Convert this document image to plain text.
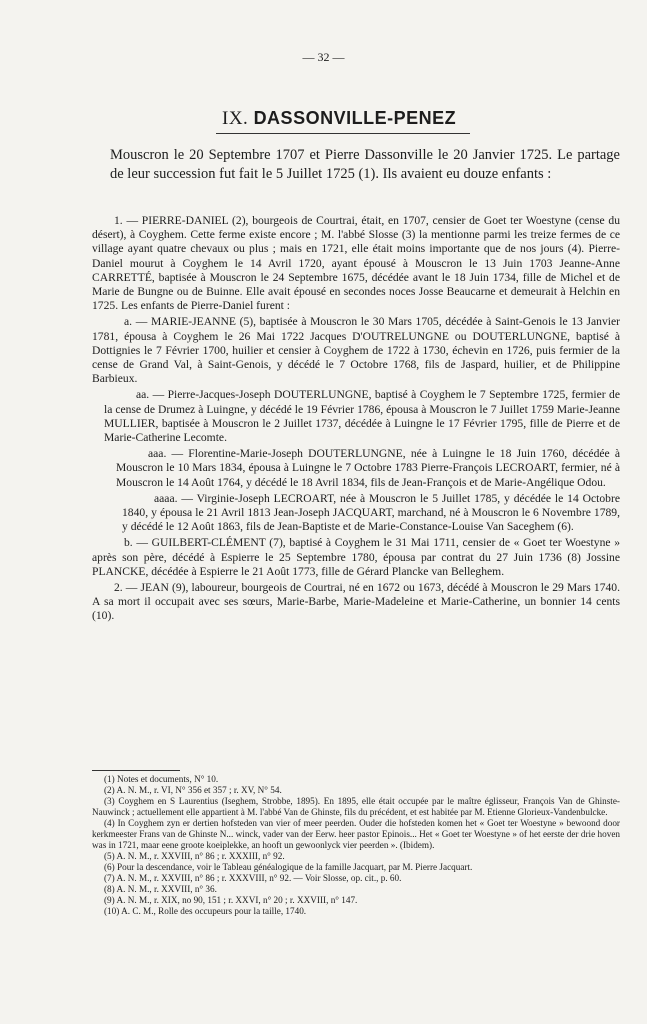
— 32 —
IX. DASSONVILLE-PENEZ

Mouscron le 20 Septembre 1707 et Pierre Dassonville le 20 Janvier 1725. Le partage de leur succession fut fait le 5 Juillet 1725 (1). Ils avaient eu douze enfants :

1. — PIERRE-DANIEL (2), bourgeois de Courtrai, était, en 1707, censier de Goet ter Woestyne (cense du désert), à Coyghem. Cette ferme existe encore ; M. l'abbé Slosse (3) la mentionne parmi les treize fermes de ce village ayant quatre chevaux ou plus ; mais en 1721, elle était moins importante que de nos jours (4). Pierre-Daniel mourut à Coyghem le 14 Avril 1720, ayant épousé à Mouscron le 13 Juin 1703 Jeanne-Anne CARRETTÉ, baptisée à Mouscron le 24 Septembre 1675, décédée avant le 18 Juin 1734, fille de Michel et de Marie de Bungne ou de Buinne. Elle avait épousé en secondes noces Josse Beaucarne et demeurait à Helchin en 1725. Les enfants de Pierre-Daniel furent :

a. — MARIE-JEANNE (5), baptisée à Mouscron le 30 Mars 1705, décédée à Saint-Genois le 13 Janvier 1781, épousa à Coyghem le 26 Mai 1722 Jacques D'OUTRELUNGNE ou DOUTERLUNGNE, baptisé à Dottignies le 7 Février 1700, huilier et censier à Coyghem de 1722 à 1730, échevin en 1726, puis fermier de la cense de Grand Val, à Saint-Genois, y décédé le 7 Octobre 1768, fils de Jaspard, huilier, et de Philippine Barbieux.

aa. — Pierre-Jacques-Joseph DOUTERLUNGNE, baptisé à Coyghem le 7 Septembre 1725, fermier de la cense de Drumez à Luingne, y décédé le 19 Février 1786, épousa à Mouscron le 7 Juillet 1759 Marie-Jeanne MULLIER, baptisée à Mouscron le 2 Juillet 1737, décédée à Luingne le 17 Février 1795, fille de Pierre et de Marie-Catherine Lecomte.

aaa. — Florentine-Marie-Joseph DOUTERLUNGNE, née à Luingne le 18 Juin 1760, décédée à Mouscron le 10 Mars 1834, épousa à Luingne le 7 Octobre 1783 Pierre-François LECROART, fermier, né à Mouscron le 14 Août 1764, y décédé le 18 Avril 1834, fils de Jean-François et de Marie-Angélique Odou.

aaaa. — Virginie-Joseph LECROART, née à Mouscron le 5 Juillet 1785, y décédée le 14 Octobre 1840, y épousa le 21 Avril 1813 Jean-Joseph JACQUART, marchand, né à Mouscron le 6 Novembre 1789, y décédé le 12 Août 1863, fils de Jean-Baptiste et de Marie-Constance-Louise Van Saceghem (6).

b. — GUILBERT-CLÉMENT (7), baptisé à Coyghem le 31 Mai 1711, censier de « Goet ter Woestyne » après son père, décédé à Espierre le 25 Septembre 1780, épousa par contrat du 27 Juin 1736 (8) Jossine PLANCKE, décédée à Espierre le 21 Août 1773, fille de Gérard Plancke van Belleghem.

2. — JEAN (9), laboureur, bourgeois de Courtrai, né en 1672 ou 1673, décédé à Mouscron le 29 Mars 1740. A sa mort il occupait avec ses sœurs, Marie-Barbe, Marie-Madeleine et Marie-Catherine, un bonnier 14 cents (10).

(1) Notes et documents, N° 10.

(2) A. N. M., r. VI, N° 356 et 357 ; r. XV, N° 54.

(3) Coyghem en S Laurentius (Iseghem, Strobbe, 1895). En 1895, elle était occupée par le maître églisseur, François Van de Ghinste-Nauwinck ; actuellement elle appartient à M. l'abbé Van de Ghinste, fils du précédent, et est habitée par M. Etienne Glorieux-Vandenbulcke.

(4) In Coyghem zyn er dertien hofsteden van vier of meer peerden. Ouder die hofsteden komen het « Goet ter Woestyne » bewoond door kerkmeester Frans van de Ghinste N... winck, vader van der Eerw. heer pastor Epinois... Het « Goet ter Woestyne » of het eerste der drie hoven was in 1721, maar eene groote koeiplekke, an hooft un gewoonlyck vier peerden ». (Ibidem).

(5) A. N. M., r. XXVIII, n° 86 ; r. XXXIII, n° 92.

(6) Pour la descendance, voir le Tableau généalogique de la famille Jacquart, par M. Pierre Jacquart.

(7) A. N. M., r. XXVIII, n° 86 ; r. XXXVIII, n° 92. — Voir Slosse, op. cit., p. 60.

(8) A. N. M., r. XXVIII, n° 36.

(9) A. N. M., r. XIX, no 90, 151 ; r. XXVI, n° 20 ; r. XXVIII, n° 147.

(10) A. C. M., Rolle des occupeurs pour la taille, 1740.
